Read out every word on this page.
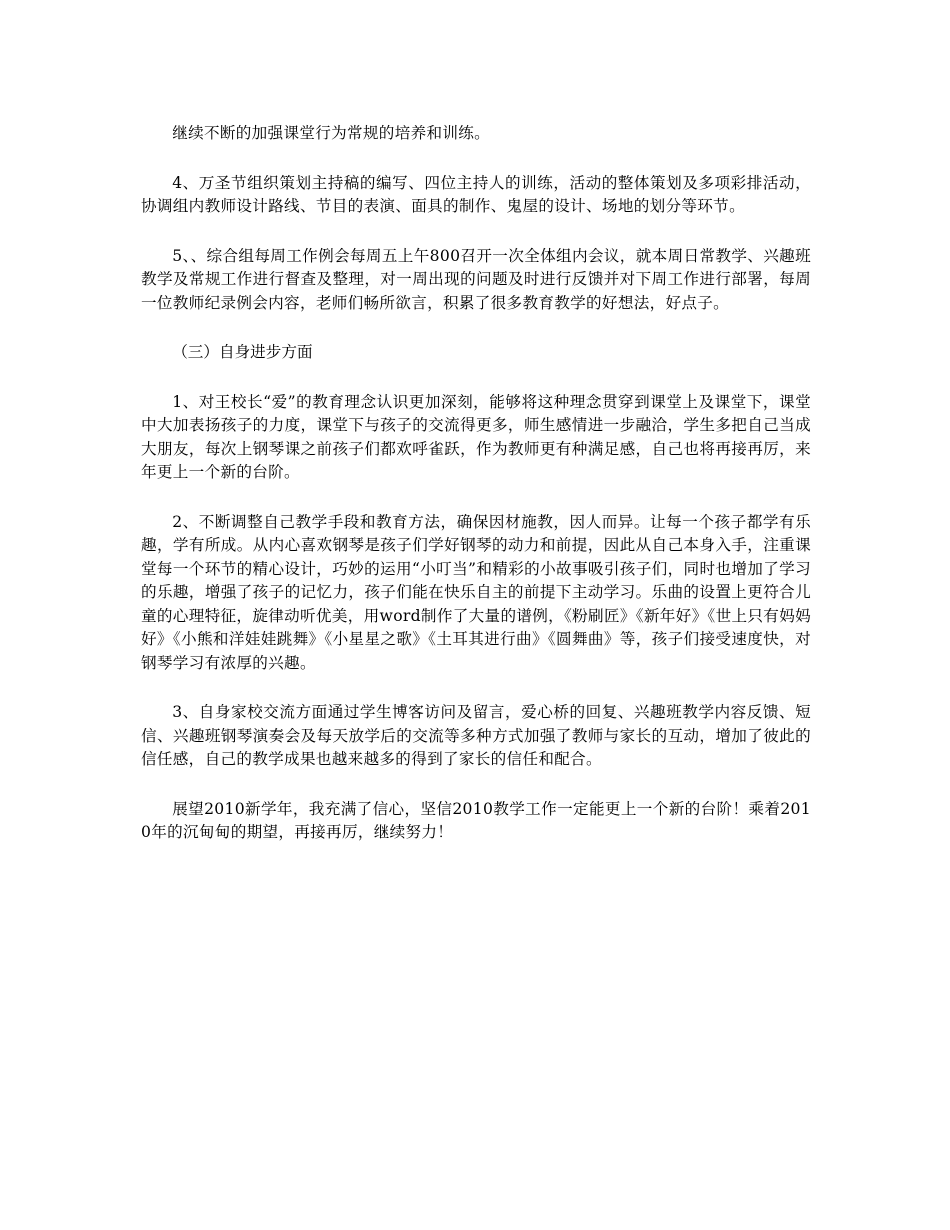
继续不断的加强课堂行为常规的培养和训练。

4、万圣节组织策划主持稿的编写、四位主持人的训练，活动的整体策划及多项彩排活动，协调组内教师设计路线、节目的表演、面具的制作、鬼屋的设计、场地的划分等环节。

5、、综合组每周工作例会每周五上午800召开一次全体组内会议，就本周日常教学、兴趣班教学及常规工作进行督查及整理，对一周出现的问题及时进行反馈并对下周工作进行部署，每周一位教师纪录例会内容，老师们畅所欲言，积累了很多教育教学的好想法，好点子。

（三）自身进步方面

1、对王校长“爱”的教育理念认识更加深刻，能够将这种理念贯穿到课堂上及课堂下，课堂中大加表扬孩子的力度，课堂下与孩子的交流得更多，师生感情进一步融洽，学生多把自己当成大朋友，每次上钢琴课之前孩子们都欢呼雀跃，作为教师更有种满足感，自己也将再接再厉，来年更上一个新的台阶。

2、不断调整自己教学手段和教育方法，确保因材施教，因人而异。让每一个孩子都学有乐趣，学有所成。从内心喜欢钢琴是孩子们学好钢琴的动力和前提，因此从自己本身入手，注重课堂每一个环节的精心设计，巧妙的运用“小叮当”和精彩的小故事吸引孩子们，同时也增加了学习的乐趣，增强了孩子的记忆力，孩子们能在快乐自主的前提下主动学习。乐曲的设置上更符合儿童的心理特征，旋律动听优美，用word制作了大量的谱例，《粉刷匠》《新年好》《世上只有妈妈好》《小熊和洋娃娃跳舞》《小星星之歌》《土耳其进行曲》《圆舞曲》等，孩子们接受速度快，对钢琴学习有浓厚的兴趣。

3、自身家校交流方面通过学生博客访问及留言，爱心桥的回复、兴趣班教学内容反馈、短信、兴趣班钢琴演奏会及每天放学后的交流等多种方式加强了教师与家长的互动，增加了彼此的信任感，自己的教学成果也越来越多的得到了家长的信任和配合。

展望2010新学年，我充满了信心，坚信2010教学工作一定能更上一个新的台阶！乘着2010年的沉甸甸的期望，再接再厉，继续努力！
